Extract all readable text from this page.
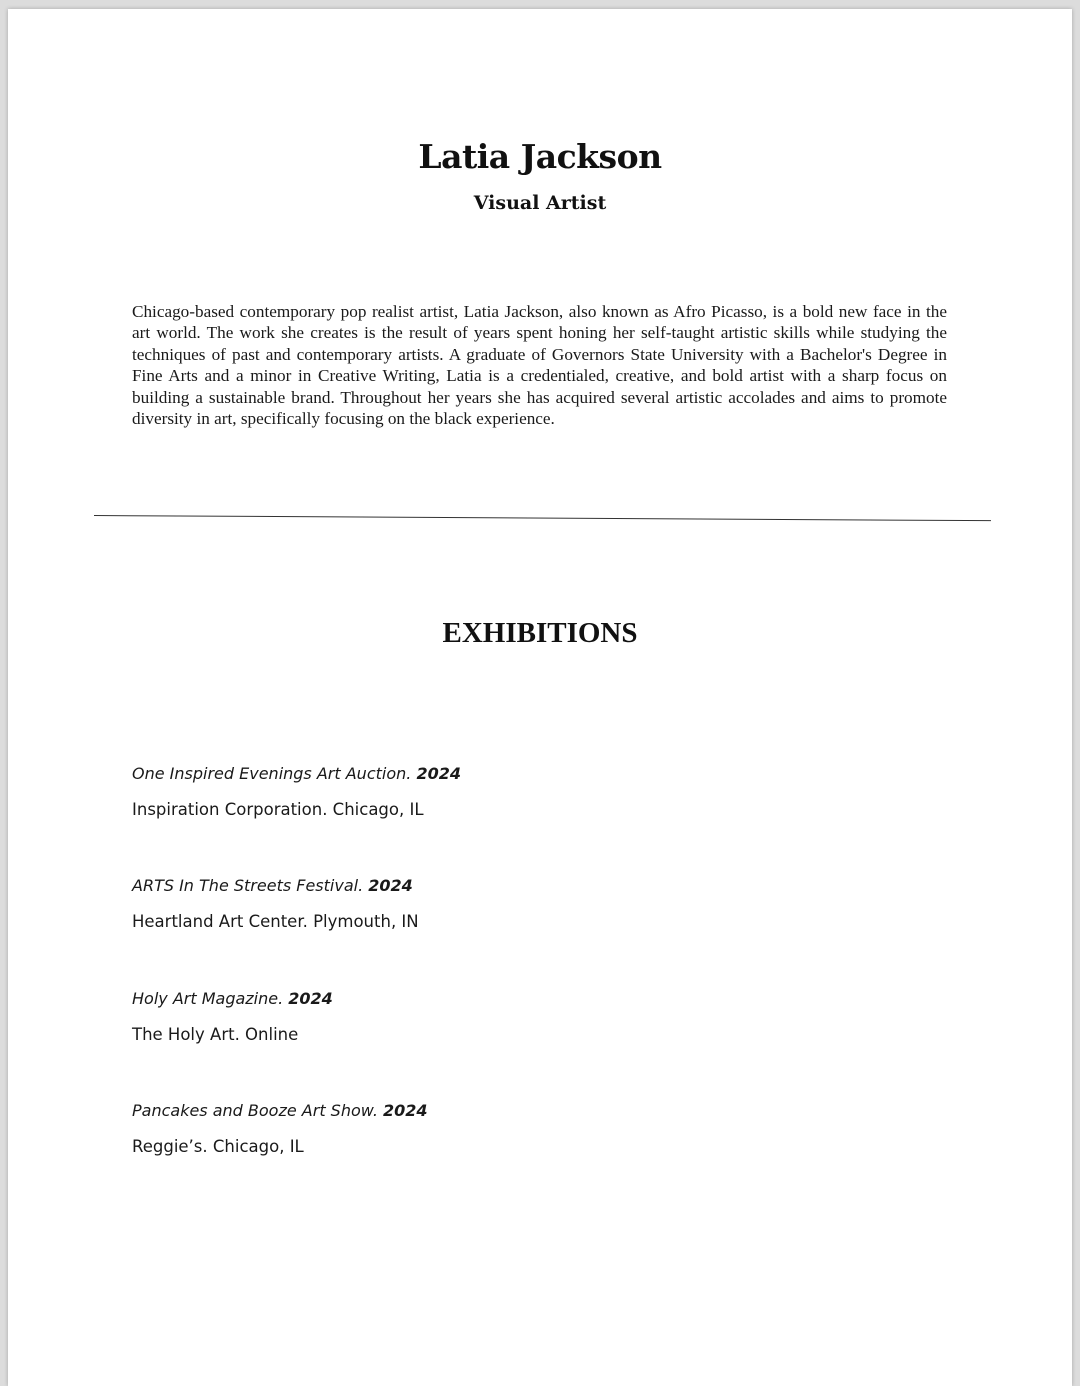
Latia Jackson
Visual Artist

Chicago-based contemporary pop realist artist, Latia Jackson, also known as Afro Picasso, is a bold new face in the art world. The work she creates is the result of years spent honing her self-taught artistic skills while studying the techniques of past and contemporary artists. A graduate of Governors State University with a Bachelor's Degree in Fine Arts and a minor in Creative Writing, Latia is a credentialed, creative, and bold artist with a sharp focus on building a sustainable brand. Throughout her years she has acquired several artistic accolades and aims to promote diversity in art, specifically focusing on the black experience.

EXHIBITIONS
One Inspired Evenings Art Auction. 2024
Inspiration Corporation. Chicago, IL
ARTS In The Streets Festival. 2024
Heartland Art Center. Plymouth, IN
Holy Art Magazine. 2024
The Holy Art. Online
Pancakes and Booze Art Show. 2024
Reggie’s. Chicago, IL
